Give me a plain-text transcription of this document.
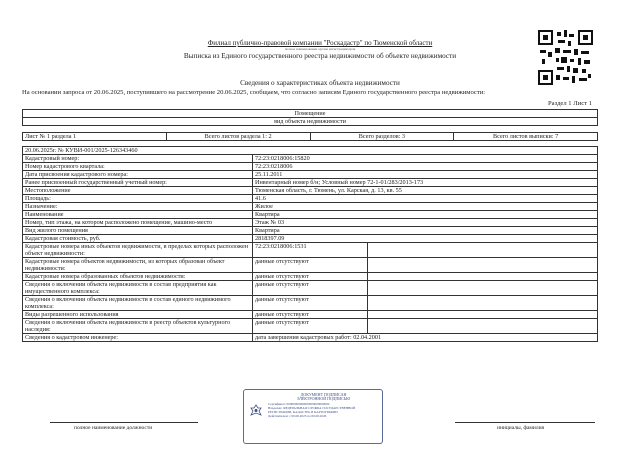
Филиал публично-правовой компании "Роскадастр" по Тюменской области
полное наименование органа регистрации прав
Выписка из Единого государственного реестра недвижимости об объекте недвижимости
Сведения о характеристиках объекта недвижимости
На основании запроса от 20.06.2025, поступившего на рассмотрение 20.06.2025, сообщаем, что согласно записям Единого государственного реестра недвижимости:
Раздел 1 Лист 1
Помещение
вид объекта недвижимости
Лист № 1 раздела 1	Всего листов раздела 1: 2	Всего разделов: 3	Всего листов выписки: 7
20.06.2025г. № КУВИ-001/2025-126343460		
Кадастровый номер:	72:23:0218006:15820	
Номер кадастрового квартала:	72:23:0218006	
Дата присвоения кадастрового номера:	25.11.2011	
Ранее присвоенный государственный учетный номер:	Инвентарный номер б/н; Условный номер 72-1-01/283/2013-173	
Местоположение	Тюменская область, г. Тюмень, ул. Карская, д. 13, кв. 55	
Площадь:	41.6	
Назначение:	Жилое	
Наименование	Квартира	
Номер, тип этажа, на котором расположено помещение, машино-место	Этаж № 03	
Вид жилого помещения	Квартира	
Кадастровая стоимость, руб.	2818397.09	
Кадастровые номера иных объектов недвижимости, в пределах которых расположен объект недвижимости:	72:23:0218006:1531	
Кадастровые номера объектов недвижимости, из которых образован объект недвижимости:	данные отсутствуют	
Кадастровые номера образованных объектов недвижимости:	данные отсутствуют	
Сведения о включении объекта недвижимости в состав предприятия как имущественного комплекса:	данные отсутствуют	
Сведения о включении объекта недвижимости в состав единого недвижимого комплекса:	данные отсутствуют	
Виды разрешенного использования	данные отсутствуют	
Сведения о включении объекта недвижимости в реестр объектов культурного наследия:	данные отсутствуют	
Сведения о кадастровом инженере:	дата завершения кадастровых работ: 02.04.2001	
полное наименование должности
ДОКУМЕНТ ПОДПИСАН
ЭЛЕКТРОННОЙ ПОДПИСЬЮ
Сертификат: 00000000000000000000000000
Владелец: ФЕДЕРАЛЬНАЯ СЛУЖБА ГОСУДАРСТВЕННОЙ
РЕГИСТРАЦИИ, КАДАСТРА И КАРТОГРАФИИ
Действителен: с 00.00.2025 по 00.00.2026
инициалы, фамилия
